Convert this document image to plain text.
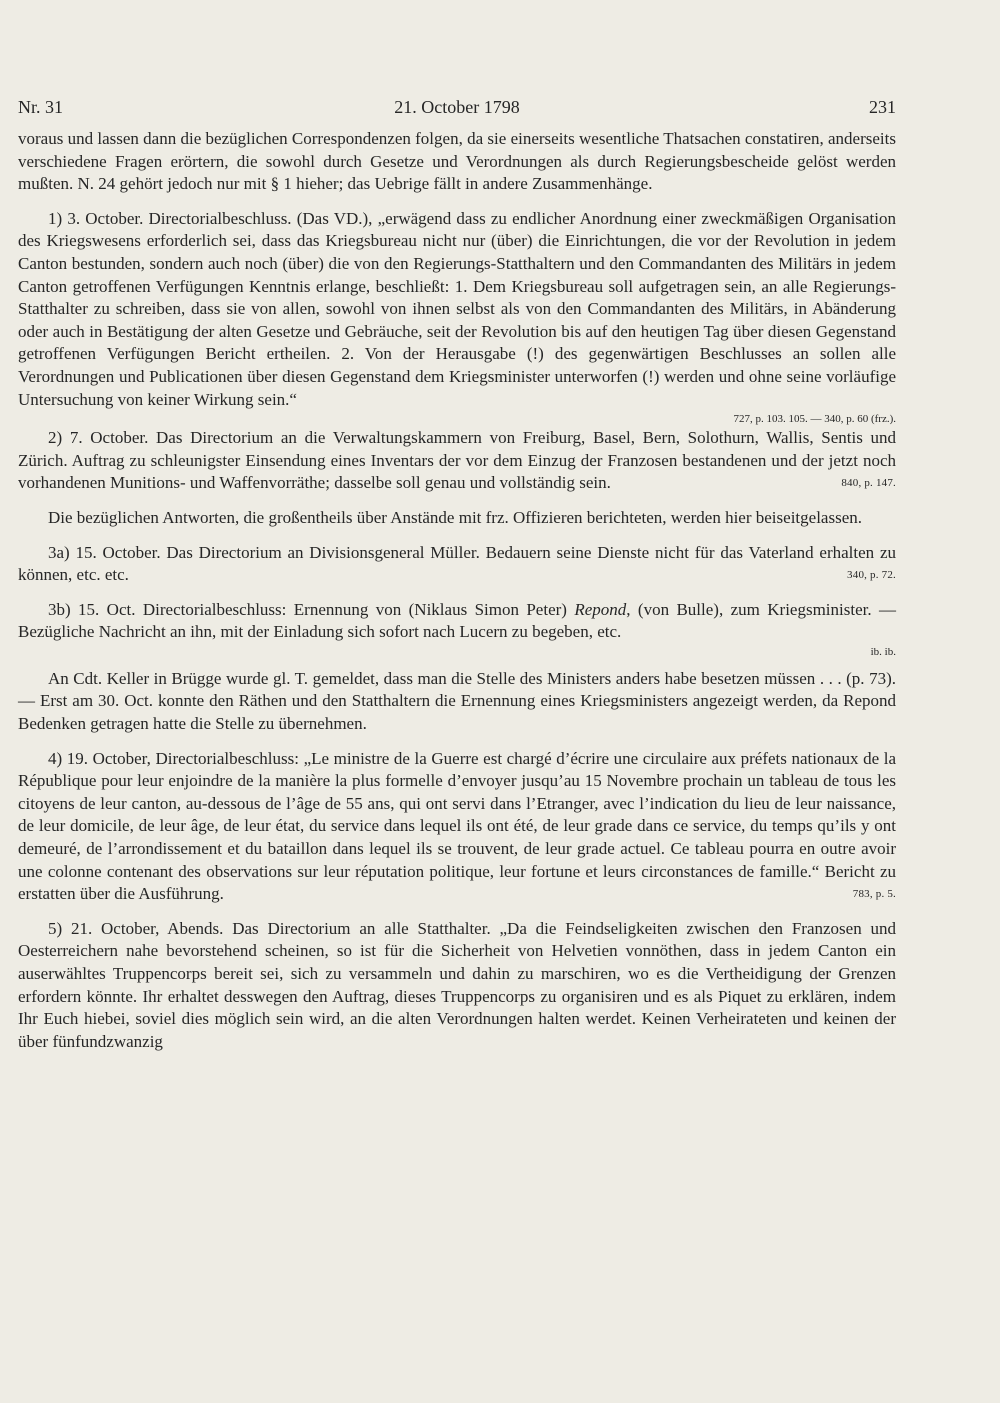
Nr. 31	21. October 1798	231

voraus und lassen dann die bezüglichen Correspondenzen folgen, da sie einerseits wesentliche Thatsachen constatiren, anderseits verschiedene Fragen erörtern, die sowohl durch Gesetze und Verordnungen als durch Regierungsbescheide gelöst werden mußten. N. 24 gehört jedoch nur mit § 1 hieher; das Uebrige fällt in andere Zusammenhänge.

1) 3. October. Directorialbeschluss. (Das VD.), „erwägend dass zu endlicher Anordnung einer zweckmäßigen Organisation des Kriegswesens erforderlich sei, dass das Kriegsbureau nicht nur (über) die Einrichtungen, die vor der Revolution in jedem Canton bestunden, sondern auch noch (über) die von den Regierungs-Statthaltern und den Commandanten des Militärs in jedem Canton getroffenen Verfügungen Kenntnis erlange, beschließt: 1. Dem Kriegsbureau soll aufgetragen sein, an alle Regierungs-Statthalter zu schreiben, dass sie von allen, sowohl von ihnen selbst als von den Commandanten des Militärs, in Abänderung oder auch in Bestätigung der alten Gesetze und Gebräuche, seit der Revolution bis auf den heutigen Tag über diesen Gegenstand getroffenen Verfügungen Bericht ertheilen. 2. Von der Herausgabe (!) des gegenwärtigen Beschlusses an sollen alle Verordnungen und Publicationen über diesen Gegenstand dem Kriegsminister unterworfen (!) werden und ohne seine vorläufige Untersuchung von keiner Wirkung sein.“

727, p. 103. 105. — 340, p. 60 (frz.).

2) 7. October. Das Directorium an die Verwaltungskammern von Freiburg, Basel, Bern, Solothurn, Wallis, Sentis und Zürich. Auftrag zu schleunigster Einsendung eines Inventars der vor dem Einzug der Franzosen bestandenen und der jetzt noch vorhandenen Munitions- und Waffenvorräthe; dasselbe soll genau und vollständig sein.	840, p. 147.

Die bezüglichen Antworten, die großentheils über Anstände mit frz. Offizieren berichteten, werden hier beiseitgelassen.

3a) 15. October. Das Directorium an Divisionsgeneral Müller. Bedauern seine Dienste nicht für das Vaterland erhalten zu können, etc. etc.	340, p. 72.

3b) 15. Oct. Directorialbeschluss: Ernennung von (Niklaus Simon Peter) Repond, (von Bulle), zum Kriegsminister. — Bezügliche Nachricht an ihn, mit der Einladung sich sofort nach Lucern zu begeben, etc.

ib. ib.

An Cdt. Keller in Brügge wurde gl. T. gemeldet, dass man die Stelle des Ministers anders habe besetzen müssen . . . (p. 73). — Erst am 30. Oct. konnte den Räthen und den Statthaltern die Ernennung eines Kriegsministers angezeigt werden, da Repond Bedenken getragen hatte die Stelle zu übernehmen.

4) 19. October, Directorialbeschluss: „Le ministre de la Guerre est chargé d’écrire une circulaire aux préfets nationaux de la République pour leur enjoindre de la manière la plus formelle d’envoyer jusqu’au 15 Novembre prochain un tableau de tous les citoyens de leur canton, au-dessous de l’âge de 55 ans, qui ont servi dans l’Etranger, avec l’indication du lieu de leur naissance, de leur domicile, de leur âge, de leur état, du service dans lequel ils ont été, de leur grade dans ce service, du temps qu’ils y ont demeuré, de l’arrondissement et du bataillon dans lequel ils se trouvent, de leur grade actuel. Ce tableau pourra en outre avoir une colonne contenant des observations sur leur réputation politique, leur fortune et leurs circonstances de famille.“ Bericht zu erstatten über die Ausführung.	783, p. 5.

5) 21. October, Abends. Das Directorium an alle Statthalter. „Da die Feindseligkeiten zwischen den Franzosen und Oesterreichern nahe bevorstehend scheinen, so ist für die Sicherheit von Helvetien vonnöthen, dass in jedem Canton ein auserwähltes Truppencorps bereit sei, sich zu versammeln und dahin zu marschiren, wo es die Vertheidigung der Grenzen erfordern könnte. Ihr erhaltet desswegen den Auftrag, dieses Truppencorps zu organisiren und es als Piquet zu erklären, indem Ihr Euch hiebei, soviel dies möglich sein wird, an die alten Verordnungen halten werdet. Keinen Verheirateten und keinen der über fünfundzwanzig
